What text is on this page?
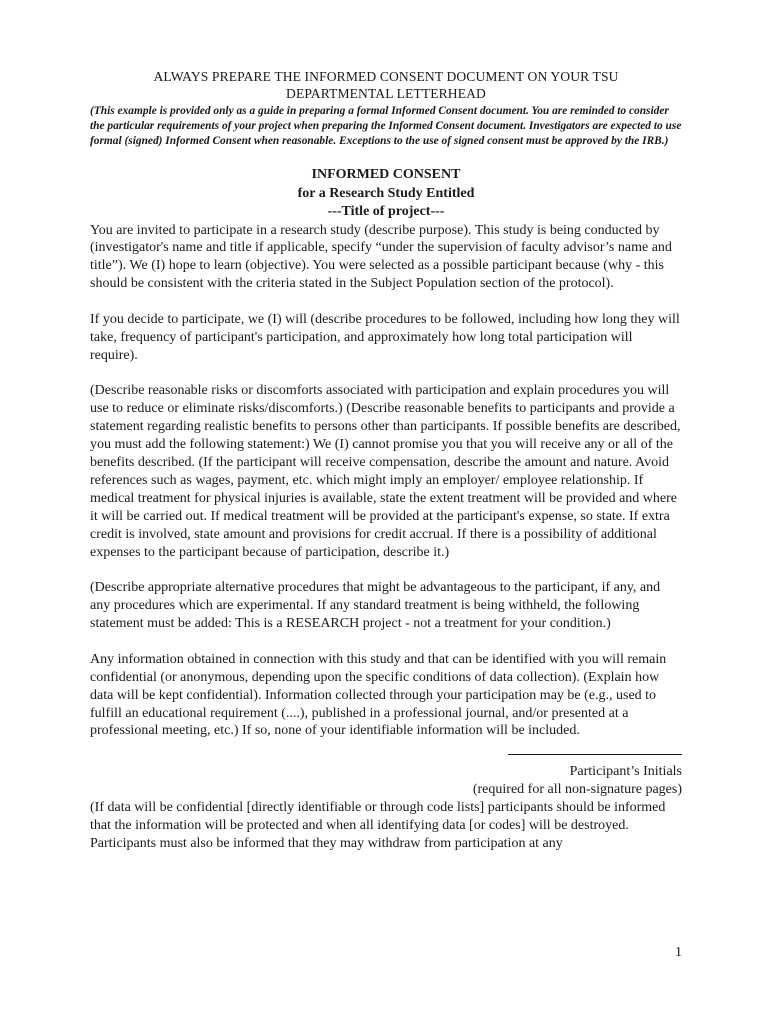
ALWAYS PREPARE THE INFORMED CONSENT DOCUMENT ON YOUR TSU
DEPARTMENTAL LETTERHEAD
(This example is provided only as a guide in preparing a formal Informed Consent document. You are reminded to consider the particular requirements of your project when preparing the Informed Consent document. Investigators are expected to use formal (signed) Informed Consent when reasonable. Exceptions to the use of signed consent must be approved by the IRB.)
INFORMED CONSENT
for a Research Study Entitled
---Title of project---

You are invited to participate in a research study (describe purpose). This study is being conducted by (investigator's name and title if applicable, specify “under the supervision of faculty advisor’s name and title”). We (I) hope to learn (objective). You were selected as a possible participant because (why - this should be consistent with the criteria stated in the Subject Population section of the protocol).

If you decide to participate, we (I) will (describe procedures to be followed, including how long they will take, frequency of participant's participation, and approximately how long total participation will require).

(Describe reasonable risks or discomforts associated with participation and explain procedures you will use to reduce or eliminate risks/discomforts.) (Describe reasonable benefits to participants and provide a statement regarding realistic benefits to persons other than participants. If possible benefits are described, you must add the following statement:) We (I) cannot promise you that you will receive any or all of the benefits described. (If the participant will receive compensation, describe the amount and nature. Avoid references such as wages, payment, etc. which might imply an employer/ employee relationship. If medical treatment for physical injuries is available, state the extent treatment will be provided and where it will be carried out. If medical treatment will be provided at the participant's expense, so state. If extra credit is involved, state amount and provisions for credit accrual. If there is a possibility of additional expenses to the participant because of participation, describe it.)

(Describe appropriate alternative procedures that might be advantageous to the participant, if any, and any procedures which are experimental. If any standard treatment is being withheld, the following statement must be added: This is a RESEARCH project - not a treatment for your condition.)

Any information obtained in connection with this study and that can be identified with you will remain confidential (or anonymous, depending upon the specific conditions of data collection). (Explain how data will be kept confidential). Information collected through your participation may be (e.g., used to fulfill an educational requirement (....), published in a professional journal, and/or presented at a professional meeting, etc.) If so, none of your identifiable information will be included.

Participant’s Initials
(required for all non-signature pages)

(If data will be confidential [directly identifiable or through code lists] participants should be informed that the information will be protected and when all identifying data [or codes] will be destroyed. Participants must also be informed that they may withdraw from participation at any

1
